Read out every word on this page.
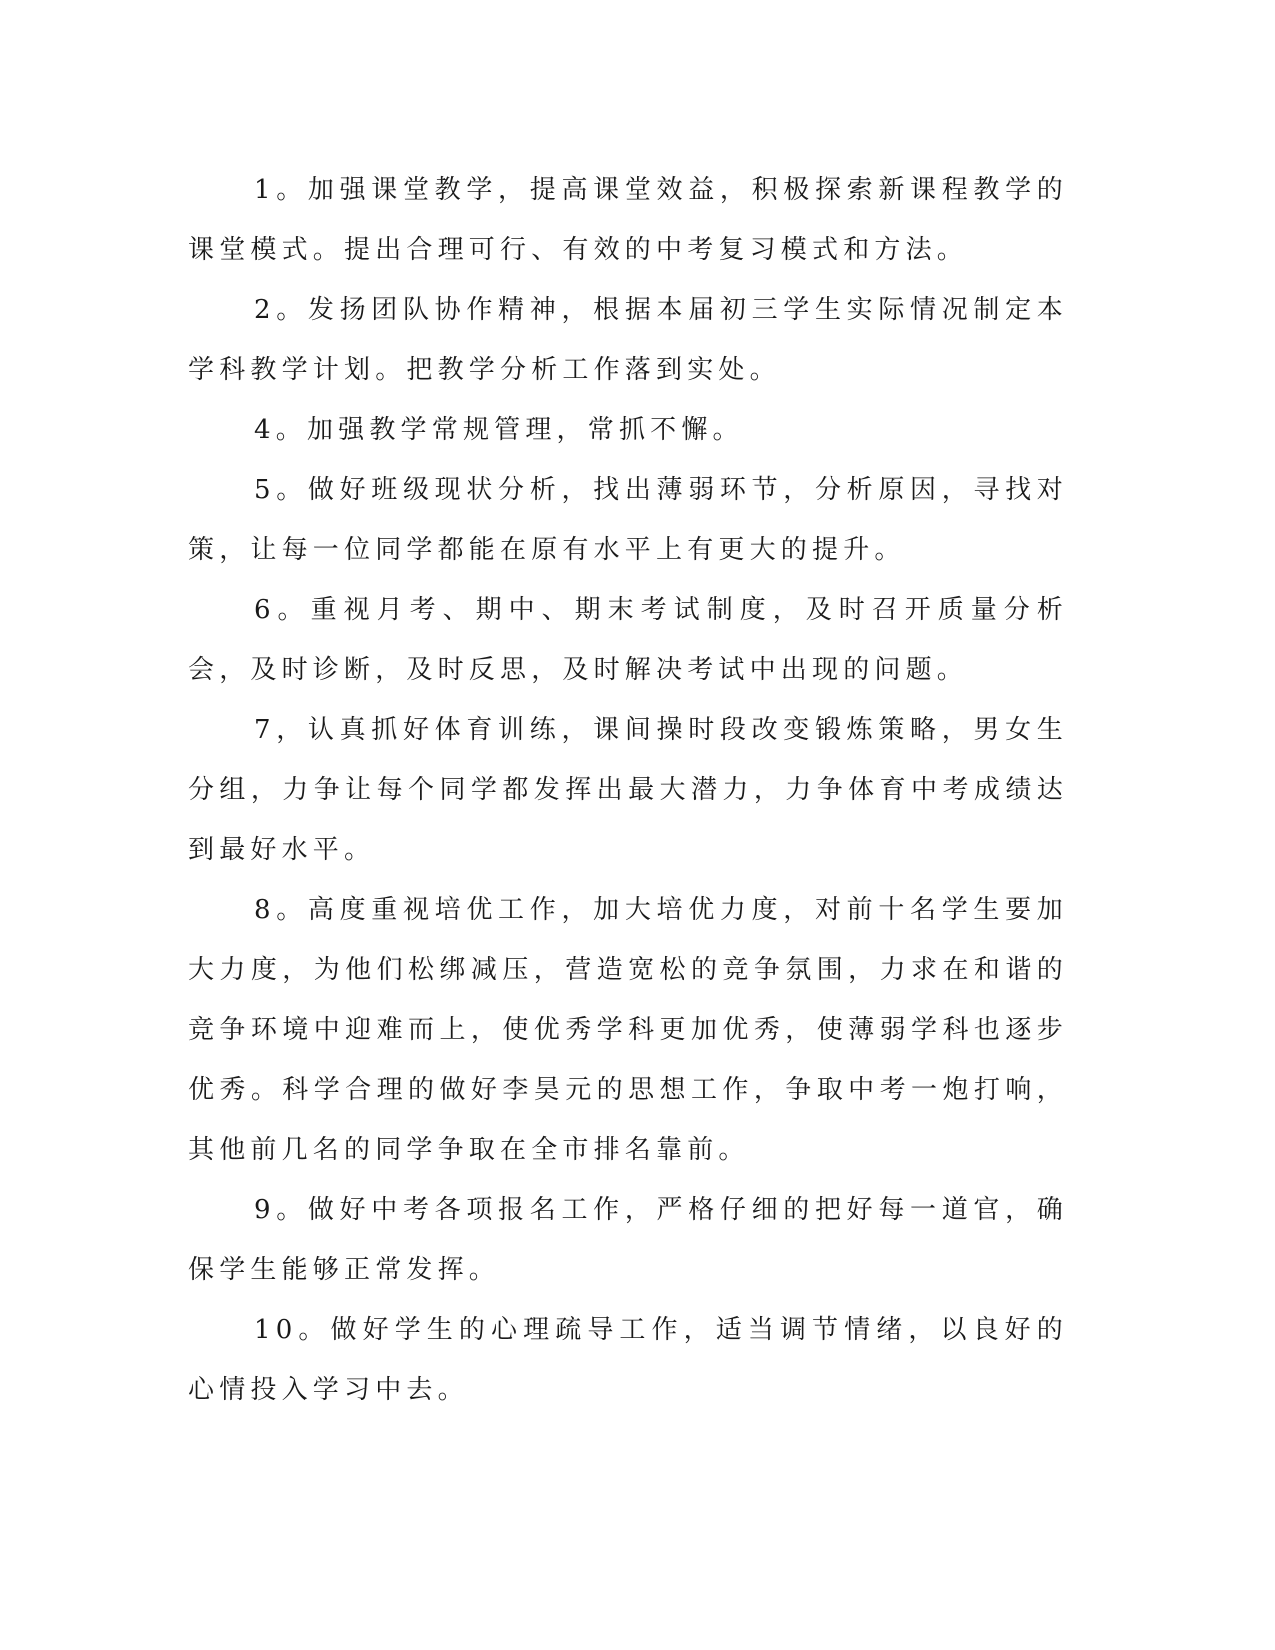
1。加强课堂教学，提高课堂效益，积极探索新课程教学的课堂模式。提出合理可行、有效的中考复习模式和方法。

2。发扬团队协作精神，根据本届初三学生实际情况制定本学科教学计划。把教学分析工作落到实处。

4。加强教学常规管理，常抓不懈。

5。做好班级现状分析，找出薄弱环节，分析原因，寻找对策，让每一位同学都能在原有水平上有更大的提升。

6。重视月考、期中、期末考试制度，及时召开质量分析会，及时诊断，及时反思，及时解决考试中出现的问题。

7，认真抓好体育训练，课间操时段改变锻炼策略，男女生分组，力争让每个同学都发挥出最大潜力，力争体育中考成绩达到最好水平。

8。高度重视培优工作，加大培优力度，对前十名学生要加大力度，为他们松绑减压，营造宽松的竞争氛围，力求在和谐的竞争环境中迎难而上，使优秀学科更加优秀，使薄弱学科也逐步优秀。科学合理的做好李昊元的思想工作，争取中考一炮打响，其他前几名的同学争取在全市排名靠前。

9。做好中考各项报名工作，严格仔细的把好每一道官，确保学生能够正常发挥。

10。做好学生的心理疏导工作，适当调节情绪，以良好的心情投入学习中去。
